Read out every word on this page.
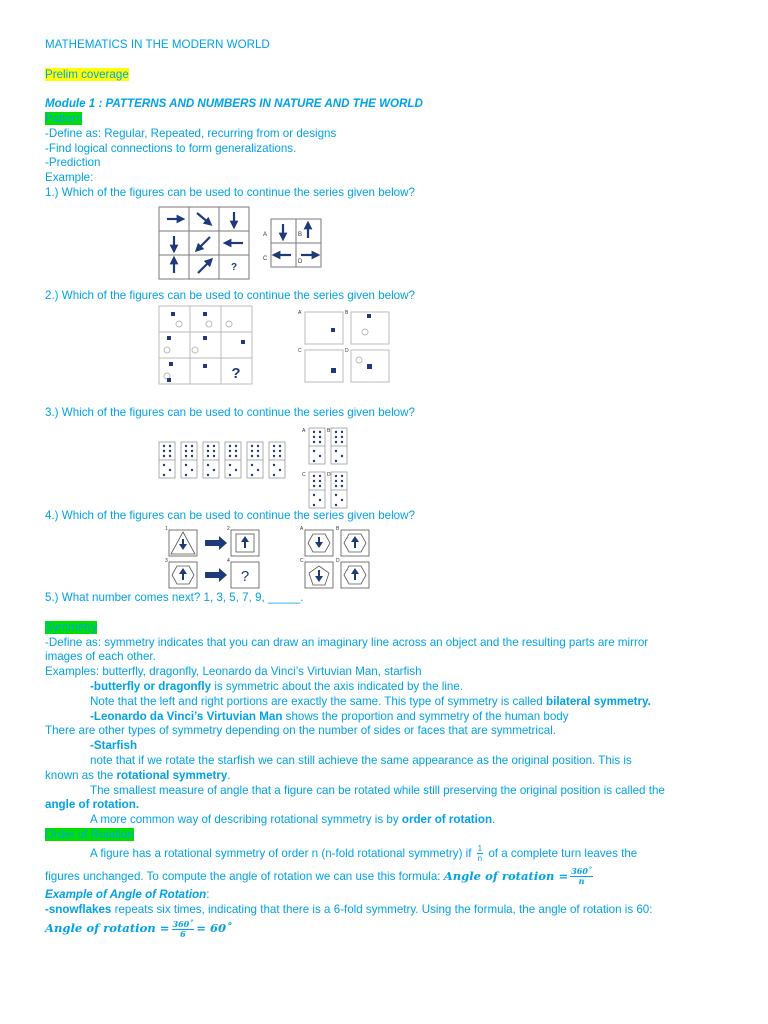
MATHEMATICS IN THE MODERN WORLD
Prelim coverage
Module 1 : PATTERNS AND NUMBERS IN NATURE AND THE WORLD
Pattern
-Define as: Regular, Repeated, recurring from or designs
-Find logical connections to form generalizations.
-Prediction
Example:
1.) Which of the figures can be used to continue the series given below?
?
A	B
C	D
2.) Which of the figures can be used to continue the series given below?
?
A	B
C	D
3.) Which of the figures can be used to continue the series given below?
A	B
C	D
4.) Which of the figures can be used to continue the series given below?
?
1	2
3	4
A	B
C	D
5.) What number comes next? 1, 3, 5, 7, 9, _____.
Symmetry
-Define as: symmetry indicates that you can draw an imaginary line across an object and the resulting parts are mirror
images of each other.
Examples: butterfly, dragonfly, Leonardo da Vinci’s Virtuvian Man, starfish
-butterfly or dragonfly is symmetric about the axis indicated by the line.
Note that the left and right portions are exactly the same. This type of symmetry is called bilateral symmetry.
-Leonardo da Vinci’s Virtuvian Man shows the proportion and symmetry of the human body
There are other types of symmetry depending on the number of sides or faces that are symmetrical.
-Starfish
note that if we rotate the starfish we can still achieve the same appearance as the original position. This is
known as the rotational symmetry.
The smallest measure of angle that a figure can be rotated while still preserving the original position is called the
angle of rotation.
A more common way of describing rotational symmetry is by order of rotation.
Order of Rotation
A figure has a rotational symmetry of order n (n-fold rotational symmetry) if $\frac{1}{n}$ of a complete turn leaves the
figures unchanged. To compute the angle of rotation we can use this formula: Angle of rotation = $\frac{360˚}{n}$
Example of Angle of Rotation:
-snowflakes repeats six times, indicating that there is a 6-fold symmetry. Using the formula, the angle of rotation is 60:
Angle of rotation = $\frac{360˚}{6}$ = 60˚
